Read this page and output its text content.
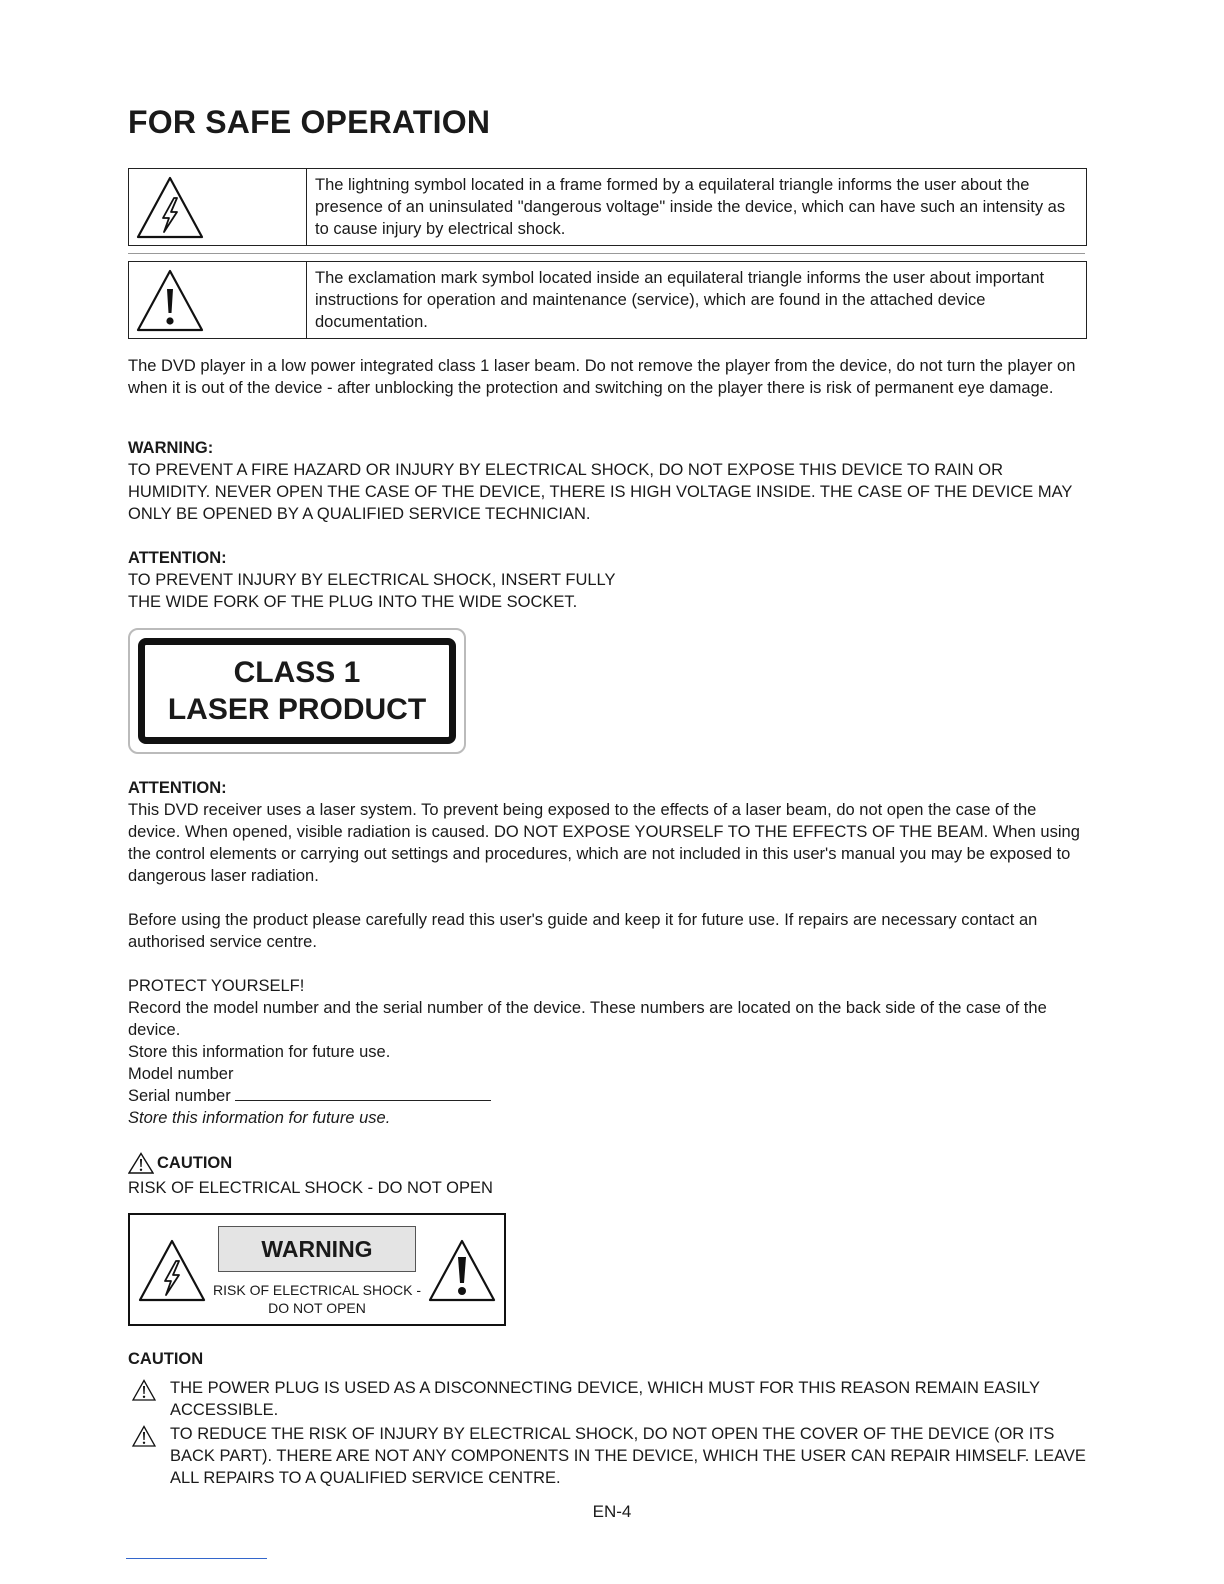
FOR SAFE OPERATION
The lightning symbol located in a frame formed by a equilateral triangle informs the user about the presence of an uninsulated "dangerous voltage" inside the device, which can have such an intensity as to cause injury by electrical shock.
The exclamation mark symbol located inside an equilateral triangle informs the user about important instructions for operation and maintenance (service), which are found in the attached device documentation.
The DVD player in a low power integrated class 1 laser beam. Do not remove the player from the device, do not turn the player on when it is out of the device - after unblocking the protection and switching on the player there is risk of permanent eye damage.
WARNING:
TO PREVENT A FIRE HAZARD OR INJURY BY ELECTRICAL SHOCK, DO NOT EXPOSE THIS DEVICE TO RAIN OR HUMIDITY. NEVER OPEN THE CASE OF THE DEVICE, THERE IS HIGH VOLTAGE INSIDE. THE CASE OF THE DEVICE MAY ONLY BE OPENED BY A QUALIFIED SERVICE TECHNICIAN.
ATTENTION:
TO PREVENT INJURY BY ELECTRICAL SHOCK, INSERT FULLY
THE WIDE FORK OF THE PLUG INTO THE WIDE SOCKET.
CLASS 1
LASER PRODUCT
ATTENTION:
This DVD receiver uses a laser system. To prevent being exposed to the effects of a laser beam, do not open the case of the device. When opened, visible radiation is caused. DO NOT EXPOSE YOURSELF TO THE EFFECTS OF THE BEAM. When using the control elements or carrying out settings and procedures, which are not included in this user's manual you may be exposed to dangerous laser radiation.
Before using the product please carefully read this user's guide and keep it for future use. If repairs are necessary contact an authorised service centre.
PROTECT YOURSELF!
Record the model number and the serial number of the device. These numbers are located on the back side of the case of the device.
Store this information for future use.
Model number
Serial number
Store this information for future use.
CAUTION
RISK OF ELECTRICAL SHOCK - DO NOT OPEN
WARNING
RISK OF ELECTRICAL SHOCK -
DO NOT OPEN
CAUTION
THE POWER PLUG IS USED AS A DISCONNECTING DEVICE, WHICH MUST FOR THIS REASON REMAIN EASILY ACCESSIBLE.
TO REDUCE THE RISK OF INJURY BY ELECTRICAL SHOCK, DO NOT OPEN THE COVER OF THE DEVICE (OR ITS BACK PART). THERE ARE NOT ANY COMPONENTS IN THE DEVICE, WHICH THE USER CAN REPAIR HIMSELF. LEAVE ALL REPAIRS TO A QUALIFIED SERVICE CENTRE.
EN-4
